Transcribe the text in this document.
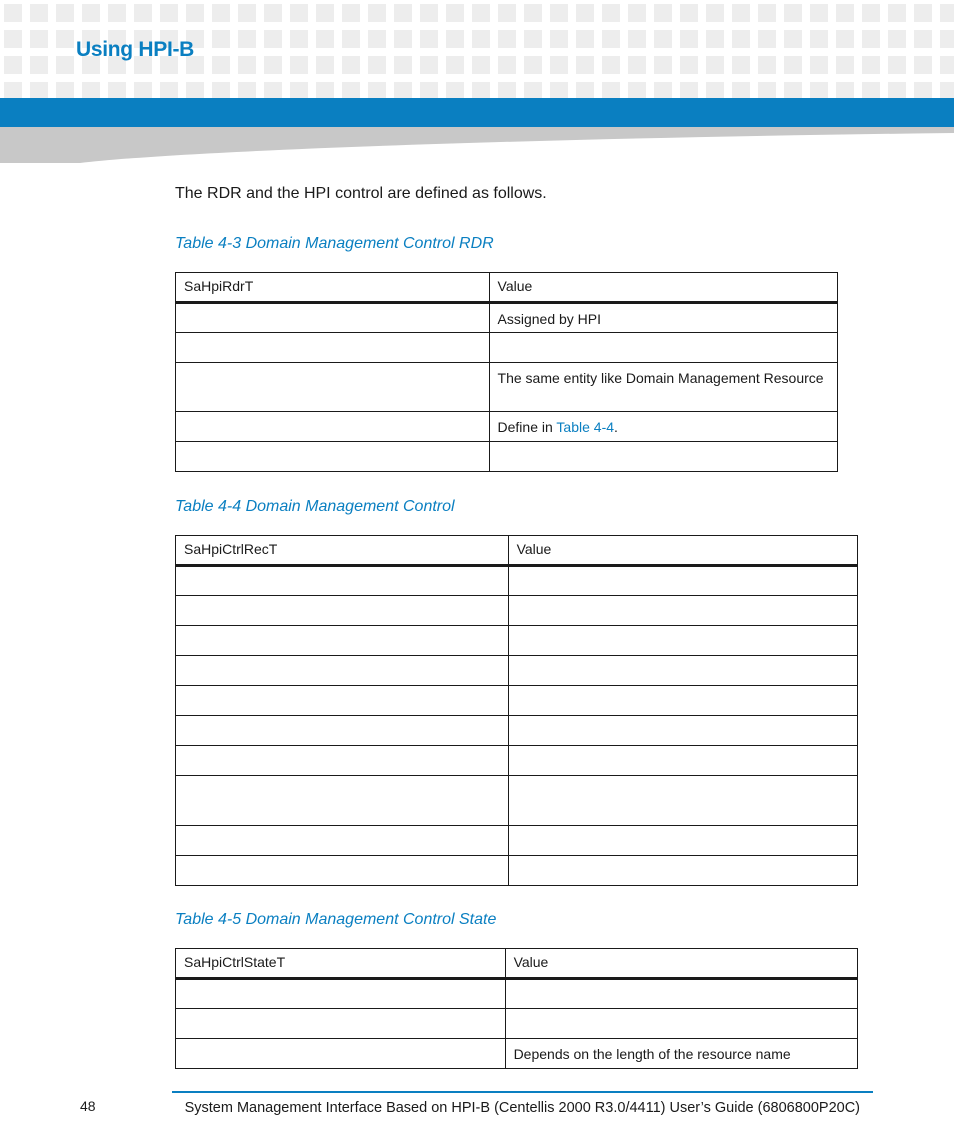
Using HPI-B
The RDR and the HPI control are defined as follows.
Table 4-3 Domain Management Control RDR
SaHpiRdrT	Value
	Assigned by HPI

	The same entity like Domain Management Resource
	Define in Table 4-4.

Table 4-4 Domain Management Control
SaHpiCtrlRecT	Value

Table 4-5 Domain Management Control State
SaHpiCtrlStateT	Value

	Depends on the length of the resource name
48	System Management Interface Based on HPI-B (Centellis 2000 R3.0/4411) User’s Guide (6806800P20C)
